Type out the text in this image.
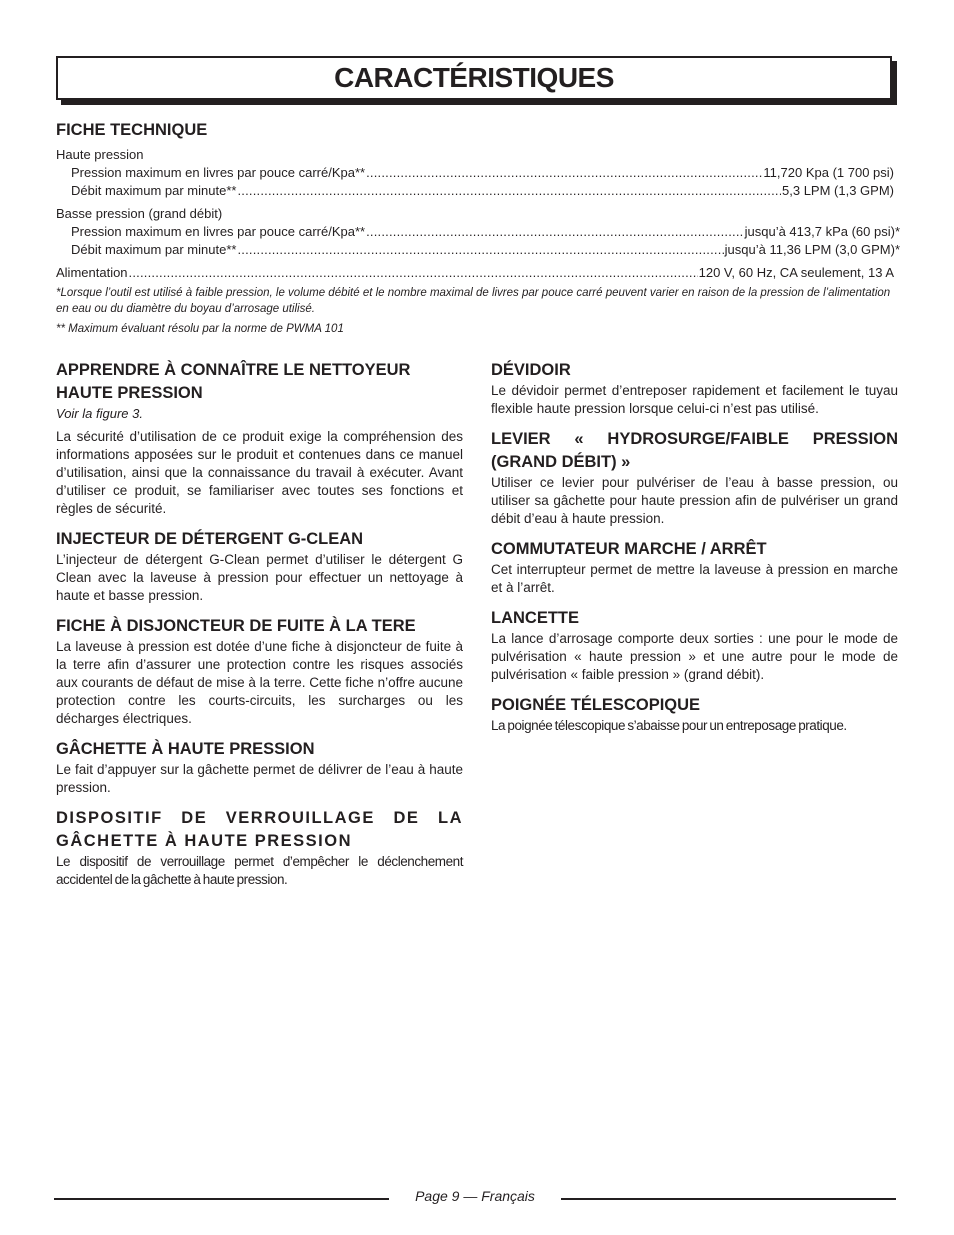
CARACTÉRISTIQUES
FICHE TECHNIQUE
Haute pression
Pression maximum en livres par pouce carré/Kpa** .....	11,720 Kpa (1 700 psi)
Débit maximum par minute** .....	5,3 LPM (1,3 GPM)
Basse pression (grand débit)
Pression maximum en livres par pouce carré/Kpa** .....	jusqu’à 413,7 kPa (60 psi)*
Débit maximum par minute** .....	jusqu’à 11,36 LPM (3,0 GPM)*
Alimentation .....	120 V, 60 Hz, CA seulement, 13 A

*Lorsque l’outil est utilisé à faible pression, le volume débité et le nombre maximal de livres par pouce carré peuvent varier en raison de la pression de l’alimentation en eau ou du diamètre du boyau d’arrosage utilisé.

** Maximum évaluant résolu par la norme de PWMA 101

APPRENDRE À CONNAÎTRE LE NETTOYEUR HAUTE PRESSION
Voir la figure 3.

La sécurité d’utilisation de ce produit exige la compréhension des informations apposées sur le produit et contenues dans ce manuel d’utilisation, ainsi que la connaissance du travail à exécuter. Avant d’utiliser ce produit, se familiariser avec toutes ses fonctions et règles de sécurité.

INJECTEUR DE DÉTERGENT G-CLEAN

L’injecteur de détergent G-Clean permet d’utiliser le détergent G Clean avec la laveuse à pression pour effectuer un nettoyage à haute et basse pression.

FICHE À DISJONCTEUR DE FUITE À LA TERE

La laveuse à pression est dotée d’une fiche à disjoncteur de fuite à la terre afin d’assurer une protection contre les risques associés aux courants de défaut de mise à la terre. Cette fiche n’offre aucune protection contre les courts-circuits, les surcharges ou les décharges électriques.

GÂCHETTE À HAUTE PRESSION

Le fait d’appuyer sur la gâchette permet de délivrer de l’eau à haute pression.

DISPOSITIF DE VERROUILLAGE DE LA GÂCHETTE À HAUTE PRESSION

Le dispositif de verrouillage permet d’empêcher le déclenchement accidentel de la gâchette à haute pression.

DÉVIDOIR

Le dévidoir permet d’entreposer rapidement et facilement le tuyau flexible haute pression lorsque celui-ci n’est pas utilisé.

LEVIER « HYDROSURGE/FAIBLE PRESSION (GRAND DÉBIT) »

Utiliser ce levier pour pulvériser de l’eau à basse pression, ou utiliser sa gâchette pour haute pression afin de pulvériser un grand débit d’eau à haute pression.

COMMUTATEUR MARCHE / ARRÊT

Cet interrupteur permet de mettre la laveuse à pression en marche et à l’arrêt.

LANCETTE

La lance d’arrosage comporte deux sorties : une pour le mode de pulvérisation « haute pression » et une autre pour le mode de pulvérisation « faible pression » (grand débit).

POIGNÉE TÉLESCOPIQUE

La poignée télescopique s’abaisse pour un entreposage pratique.

Page 9 — Français
